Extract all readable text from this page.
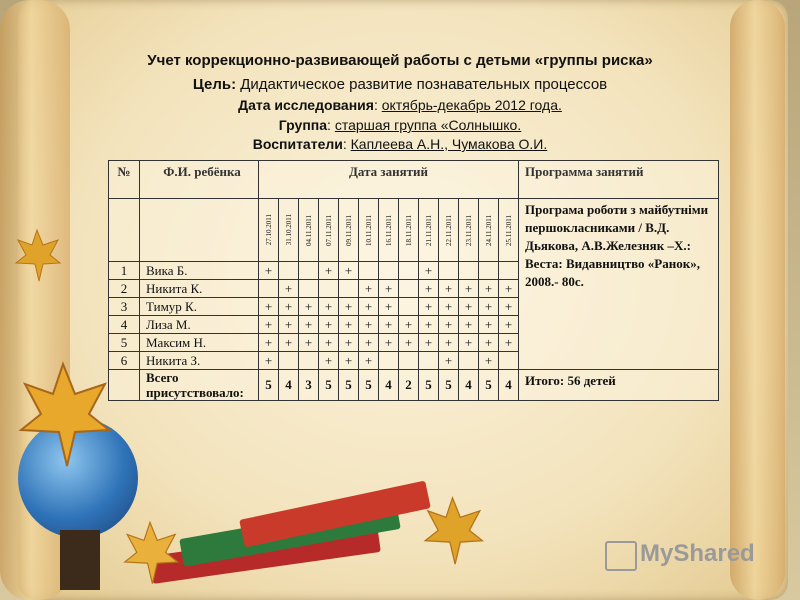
Учет коррекционно-развивающей работы с детьми «группы риска»
Цель: Дидактическое развитие познавательных процессов
Дата исследования: октябрь-декабрь 2012 года.
Группа: старшая группа «Солнышко.
Воспитатели: Каплеева А.Н., Чумакова О.И.
№	Ф.И. ребёнка	Дата занятий													Программа занятий

		27.10.2011	31.10.2011	04.11.2011	07.11.2011	09.11.2011	10.11.2011	16.11.2011	18.11.2011	21.11.2011	22.11.2011	23.11.2011	24.11.2011	25.11.2011	Програма роботи з майбутніми першокласниками / В.Д. Дьякова, А.В.Железняк –Х.: Веста: Видавництво «Ранок», 2008.- 80с.
1	Вика Б.	+			+	+				+					
2	Никита К.		+				+	+		+	+	+	+	+	
3	Тимур К.	+	+	+	+	+	+	+		+	+	+	+	+	
4	Лиза М.	+	+	+	+	+	+	+	+	+	+	+	+	+	
5	Максим Н.	+	+	+	+	+	+	+	+	+	+	+	+	+	
6	Никита З.	+			+	+	+				+		+		
	Всего присутствовало:	5	4	3	5	5	5	4	2	5	5	4	5	4	Итого: 56 детей
MyShared
